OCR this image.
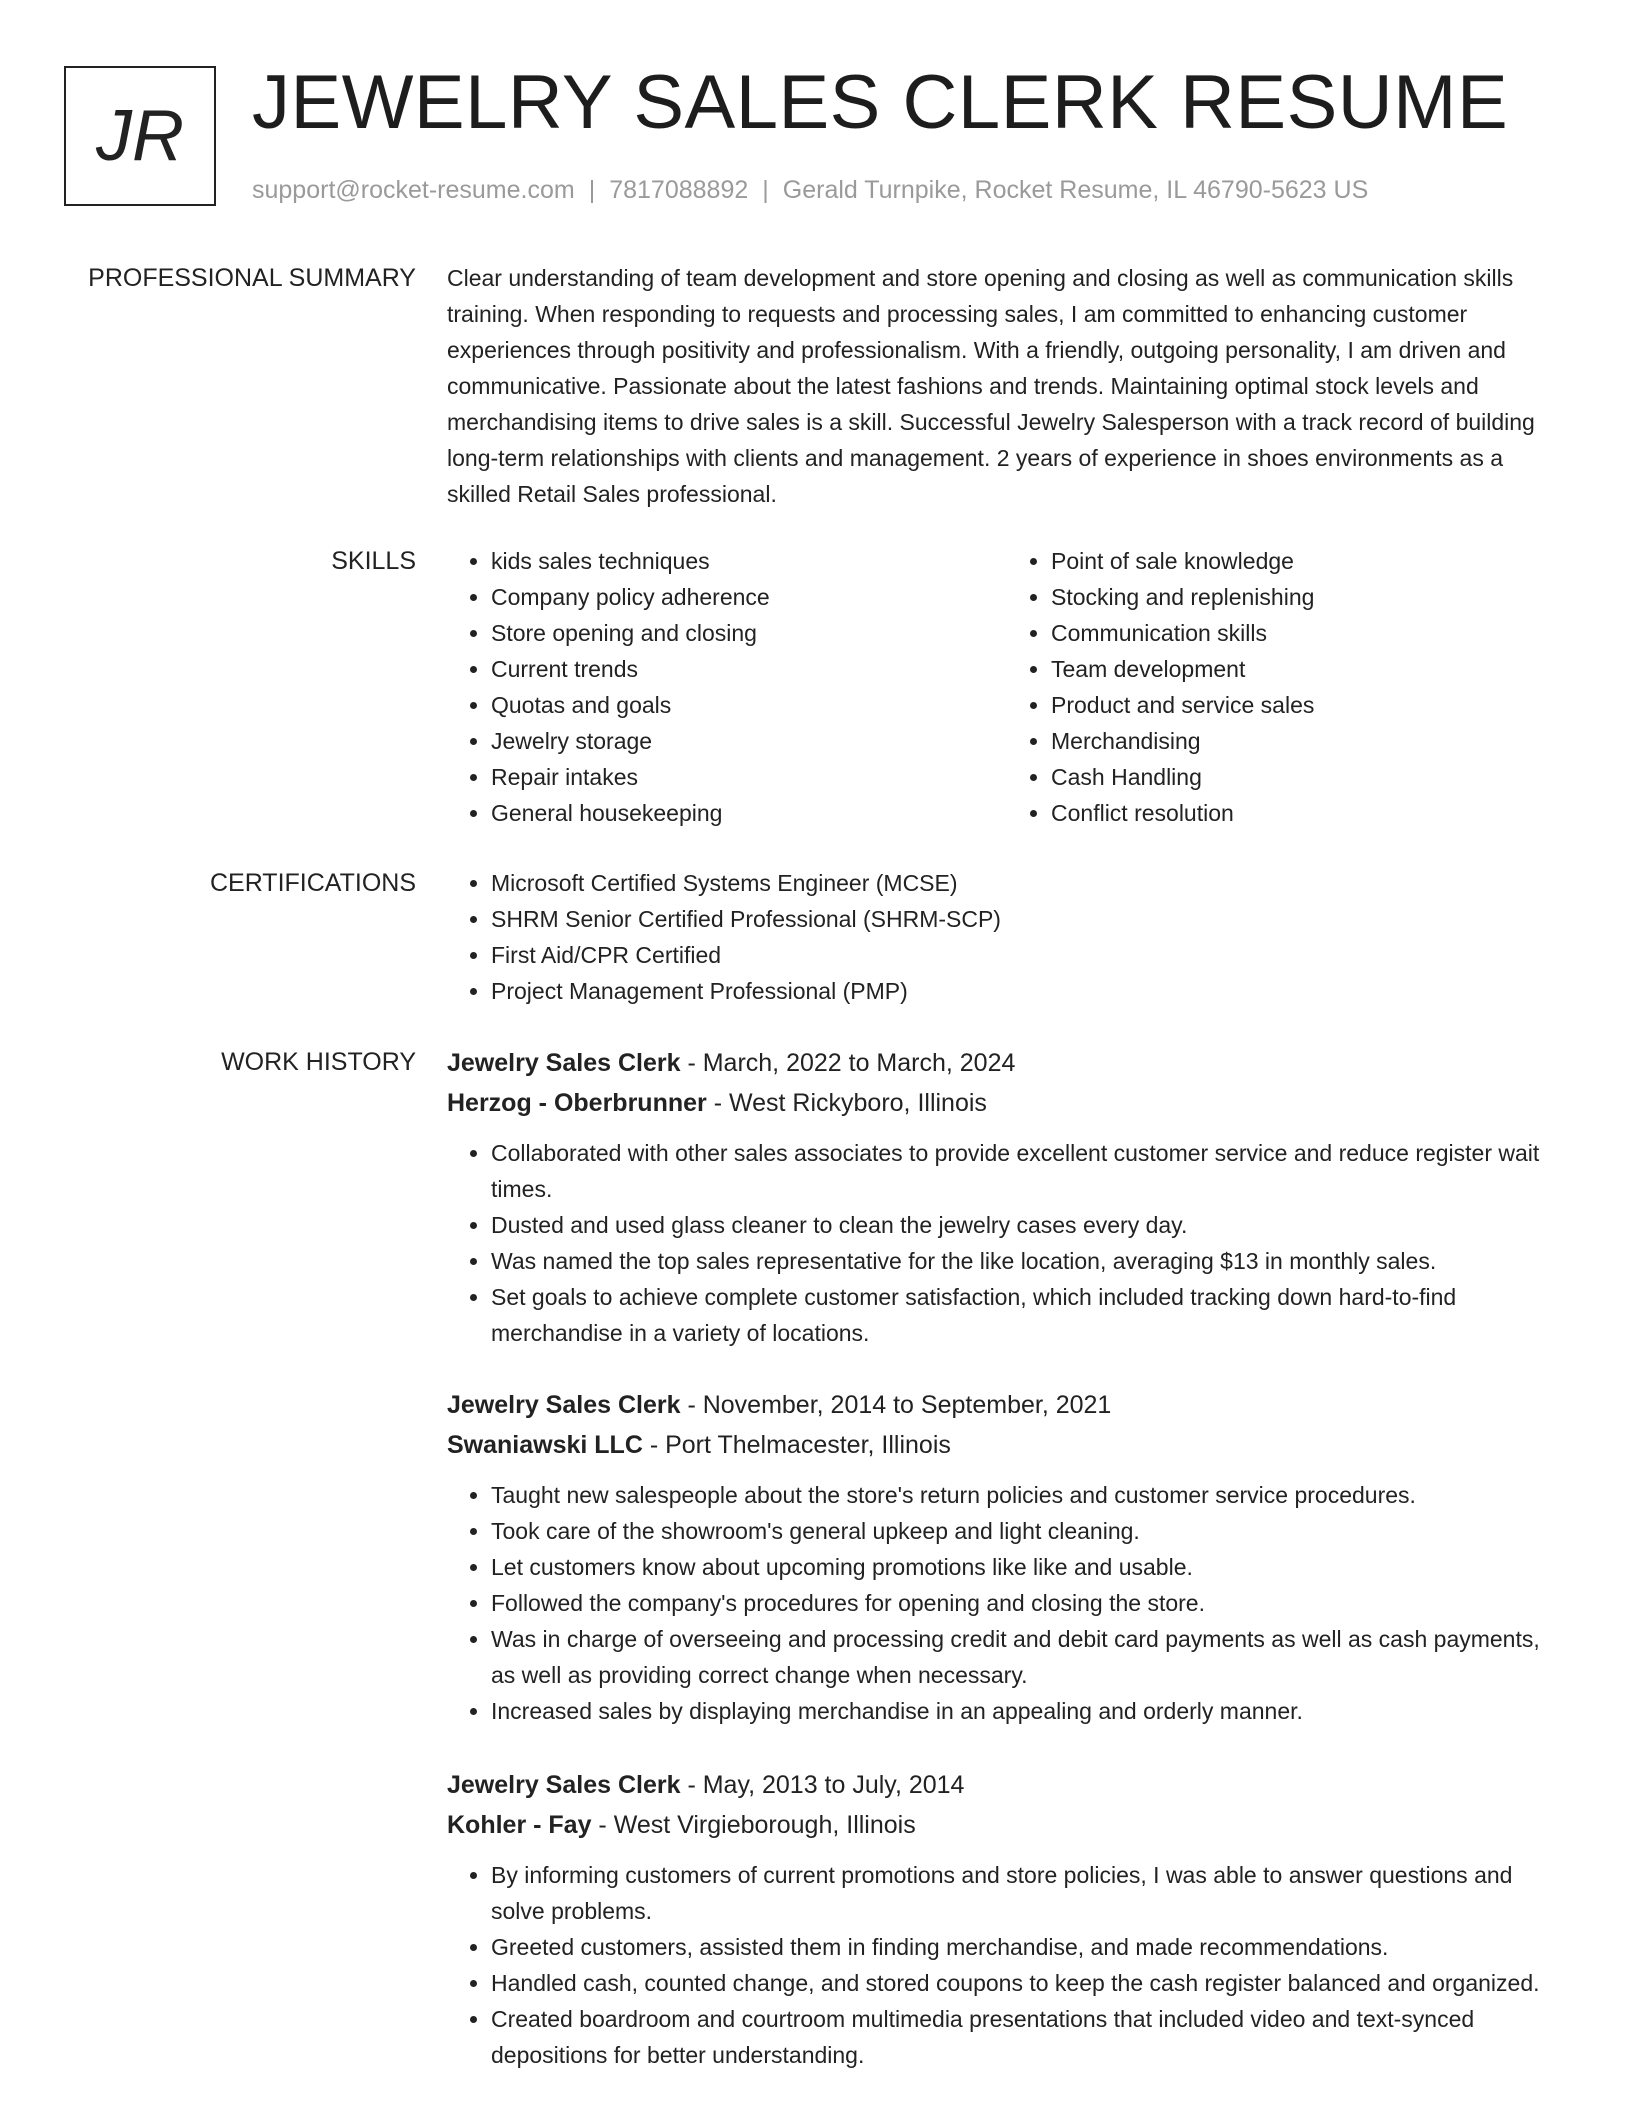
JR JEWELRY SALES CLERK RESUME
support@rocket-resume.com | 7817088892 | Gerald Turnpike, Rocket Resume, IL 46790-5623 US
PROFESSIONAL SUMMARY Clear understanding of team development and store opening and closing as well as communication skills training. When responding to requests and processing sales, I am committed to enhancing customer experiences through positivity and professionalism. With a friendly, outgoing personality, I am driven and communicative. Passionate about the latest fashions and trends. Maintaining optimal stock levels and merchandising items to drive sales is a skill. Successful Jewelry Salesperson with a track record of building long-term relationships with clients and management. 2 years of experience in shoes environments as a skilled Retail Sales professional.

SKILLS	• kids sales techniques
• Company policy adherence
• Store opening and closing
• Current trends
• Quotas and goals
• Jewelry storage
• Repair intakes
• General housekeeping
• Point of sale knowledge
• Stocking and replenishing
• Communication skills
• Team development
• Product and service sales
• Merchandising
• Cash Handling
• Conflict resolution
CERTIFICATIONS	• Microsoft Certified Systems Engineer (MCSE)
• SHRM Senior Certified Professional (SHRM-SCP)
• First Aid/CPR Certified
• Project Management Professional (PMP)
WORK HISTORY Jewelry Sales Clerk - March, 2022 to March, 2024
Herzog - Oberbrunner - West Rickyboro, Illinois
• Collaborated with other sales associates to provide excellent customer service and reduce register wait times.
• Dusted and used glass cleaner to clean the jewelry cases every day.
• Was named the top sales representative for the like location, averaging $13 in monthly sales.
• Set goals to achieve complete customer satisfaction, which included tracking down hard-to-find merchandise in a variety of locations.
Jewelry Sales Clerk - November, 2014 to September, 2021
Swaniawski LLC - Port Thelmacester, Illinois
• Taught new salespeople about the store's return policies and customer service procedures.
• Took care of the showroom's general upkeep and light cleaning.
• Let customers know about upcoming promotions like like and usable.
• Followed the company's procedures for opening and closing the store.
• Was in charge of overseeing and processing credit and debit card payments as well as cash payments, as well as providing correct change when necessary.
• Increased sales by displaying merchandise in an appealing and orderly manner.
Jewelry Sales Clerk - May, 2013 to July, 2014
Kohler - Fay - West Virgieborough, Illinois
• By informing customers of current promotions and store policies, I was able to answer questions and solve problems.
• Greeted customers, assisted them in finding merchandise, and made recommendations.
• Handled cash, counted change, and stored coupons to keep the cash register balanced and organized.
• Created boardroom and courtroom multimedia presentations that included video and text-synced depositions for better understanding.
